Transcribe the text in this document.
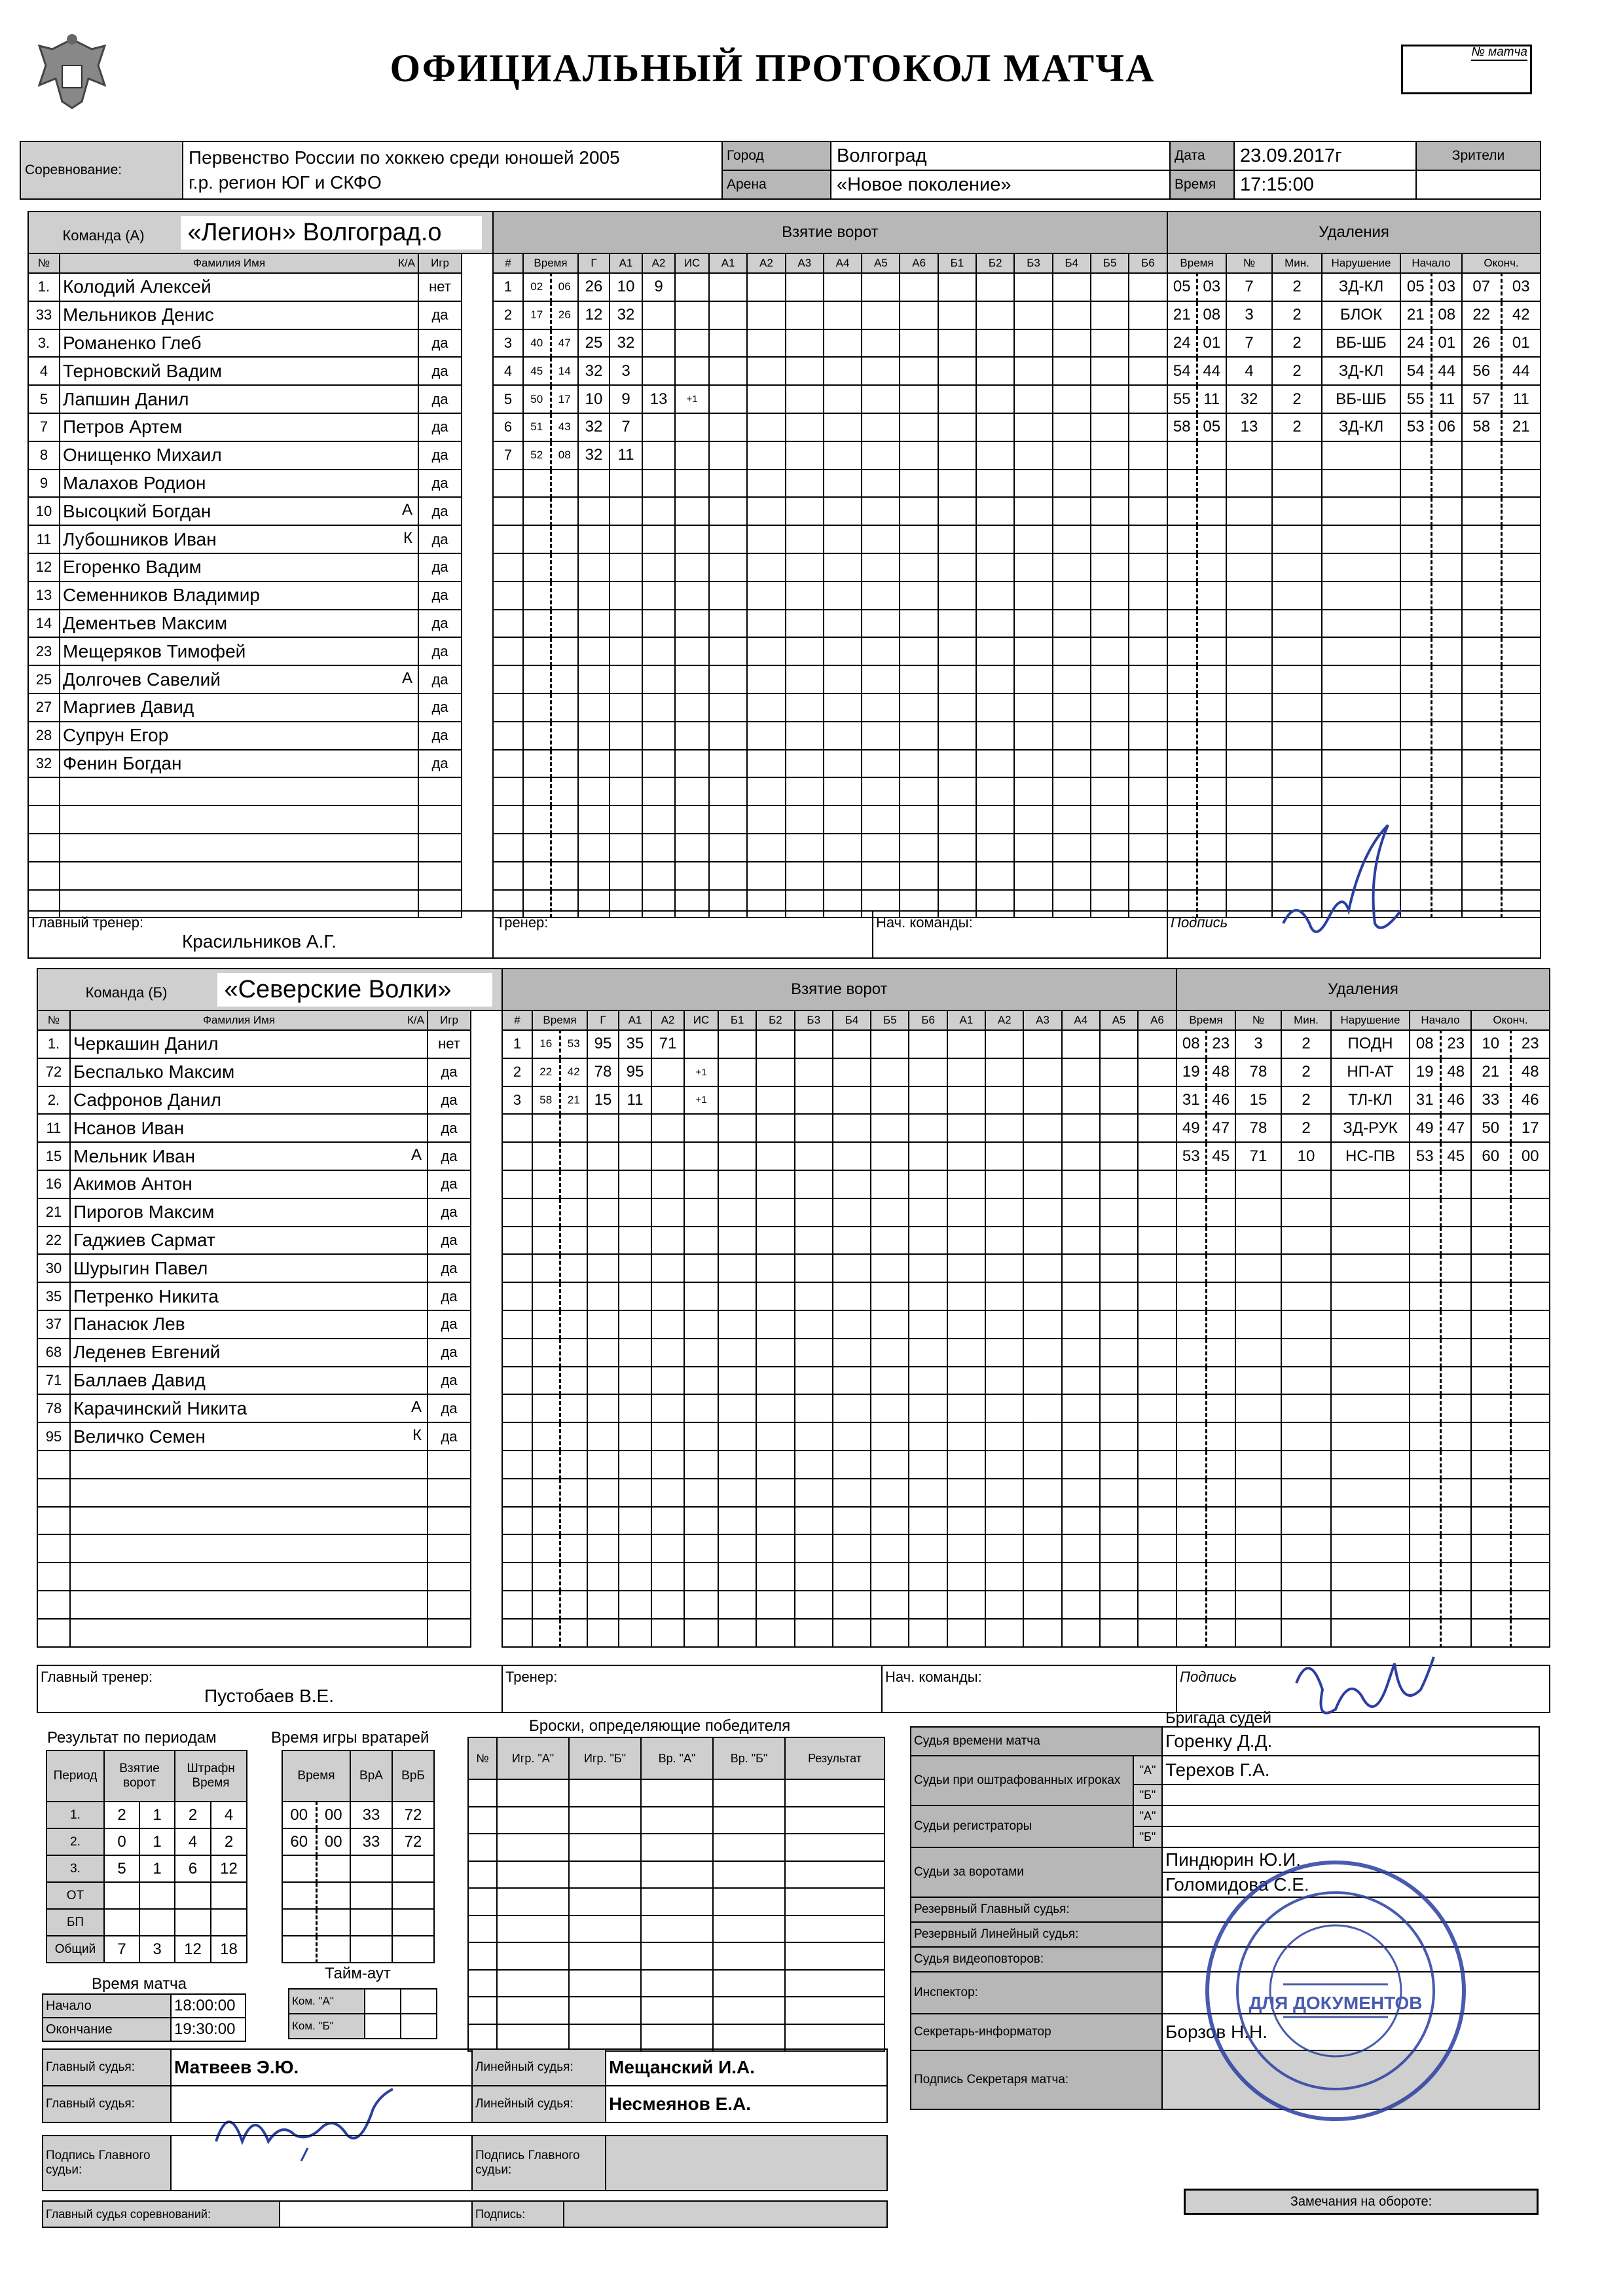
ОФИЦИАЛЬНЫЙ ПРОТОКОЛ МАТЧА	№ матча
Соревнование:	Первенство России по хоккею среди юношей 2005
г.р. регион ЮГ и СКФО	Город	Волгоград	Дата	23.09.2017г	Зрители
		Арена	«Новое поколение»	Время	17:15:00	
Команда (А) «Легион» Волгоград.о		
№	Фамилия Имя К/А		Игр
1.	Колодий Алексей		нет
33	Мельников Денис		да
3.	Романенко Глеб		да
4	Терновский Вадим		да
5	Лапшин Данил		да
7	Петров Артем		да
8	Онищенко Михаил		да
9	Малахов Родион		да
10	Высоцкий Богдан А		да
11	Лубошников Иван К		да
12	Егоренко Вадим		да
13	Семенников Владимир		да
14	Дементьев Максим		да
23	Мещеряков Тимофей		да
25	Долгочев Савелий А		да
27	Маргиев Давид		да
28	Супрун Егор		да
32	Фенин Богдан		да

Взятие ворот																		
#	Время		Г	А1	А2	ИС	А1	А2	А3	А4	А5	А6	Б1	Б2	Б3	Б4	Б5	Б6
1	02	06	26	10	9													
2	17	26	12	32														
3	40	47	25	32														
4	45	14	32	3														
5	50	17	10	9	13	+1												
6	51	43	32	7														
7	52	08	32	11														

Удаления								
Время		№	Мин.	Нарушение	Начало		Оконч.	
05	03	7	2	ЗД-КЛ	05	03	07	03
21	08	3	2	БЛОК	21	08	22	42
24	01	7	2	ВБ-ШБ	24	01	26	01
54	44	4	2	ЗД-КЛ	54	44	56	44
55	11	32	2	ВБ-ШБ	55	11	57	11
58	05	13	2	ЗД-КЛ	53	06	58	21

Главный тренер:
Красильников А.Г.

Тренер:	Нач. команды:	Подпись
Команда (Б) «Северские Волки»		
№	Фамилия Имя К/А		Игр
1.	Черкашин Данил		нет
72	Беспалько Максим		да
2.	Сафронов Данил		да
11	Нсанов Иван		да
15	Мельник Иван А		да
16	Акимов Антон		да
21	Пирогов Максим		да
22	Гаджиев Сармат		да
30	Шурыгин Павел		да
35	Петренко Никита		да
37	Панасюк Лев		да
68	Леденев Евгений		да
71	Баллаев Давид		да
78	Карачинский Никита А		да
95	Величко Семен К		да

Взятие ворот																		
#	Время		Г	А1	А2	ИС	Б1	Б2	Б3	Б4	Б5	Б6	А1	А2	А3	А4	А5	А6
1	16	53	95	35	71													
2	22	42	78	95		+1												
3	58	21	15	11		+1												

Удаления								
Время		№	Мин.	Нарушение	Начало		Оконч.	
08	23	3	2	ПОДН	08	23	10	23
19	48	78	2	НП-АТ	19	48	21	48
31	46	15	2	ТЛ-КЛ	31	46	33	46
49	47	78	2	ЗД-РУК	49	47	50	17
53	45	71	10	НС-ПВ	53	45	60	00

Главный тренер:
Пустобаев В.Е.

Тренер:	Нач. команды:	Подпись
Результат по периодам
Период	Взятие ворот		Штрафн Время	
1.	2	1	2	4
2.	0	1	4	2
3.	5	1	6	12
ОТ				
БП				
Общий	7	3	12	18
Время игры вратарей
Время		ВрА	ВрБ
00	00	33	72
60	00	33	72

Время матча
Начало	18:00:00
Окончание	19:30:00
Тайм-аут
Ком. "А"		
Ком. "Б"		
Броски, определяющие победителя
№	Игр. "А"	Игр. "Б"	Вр. "А"	Вр. "Б"	Результат

Бригада судей
Судья времени матча		Горенку Д.Д.
Судьи при оштрафованных игроках	"А"	Терехов Г.А.
	"Б"	
Судьи регистраторы	"А"	
	"Б"	
Судьи за воротами		Пиндюрин Ю.И.
		Голомидова С.Е.
Резервный Главный судья:		
Резервный Линейный судья:		
Судья видеоповторов:		
Инспектор:		
Секретарь-информатор		Борзов Н.Н.
Подпись Секретаря матча:		
Замечания на обороте:
Главный судья:	Матвеев Э.Ю.	Линейный судья:	Мещанский И.А.
Главный судья:		Линейный судья:	Несмеянов Е.А.

Подпись Главного судьи:		Подпись Главного судьи:	
Главный судья соревнований:		Подпись:	
ДЛЯ ДОКУМЕНТОВ
